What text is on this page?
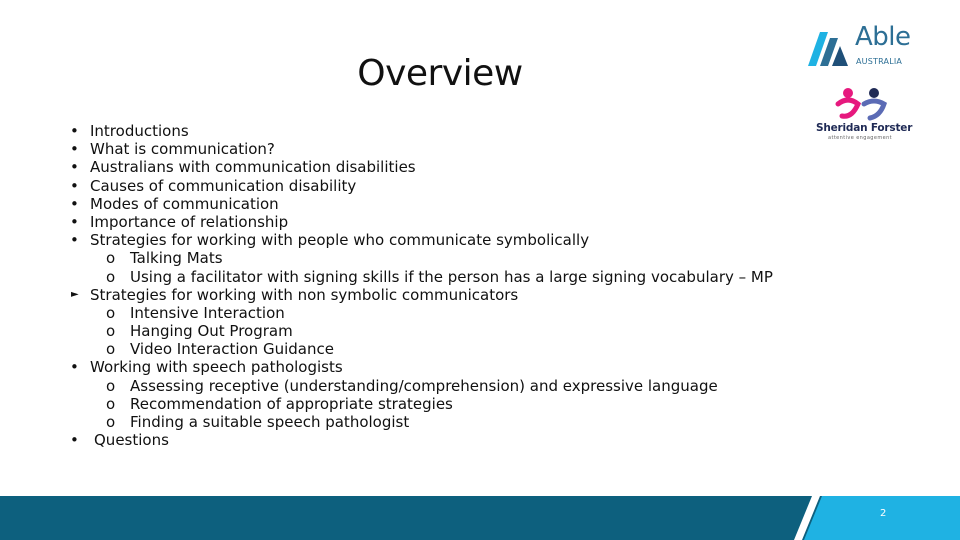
Overview
Able
AUSTRALIA
Sheridan Forster
attentive engagement
• Introductions
• What is communication?
• Australians with communication disabilities
• Causes of communication disability
• Modes of communication
• Importance of relationship
• Strategies for working with people who communicate symbolically
o Talking Mats
o Using a facilitator with signing skills if the person has a large signing vocabulary – MP
► Strategies for working with non symbolic communicators
o Intensive Interaction
o Hanging Out Program
o Video Interaction Guidance
• Working with speech pathologists
o Assessing receptive (understanding/comprehension) and expressive language
o Recommendation of appropriate strategies
o Finding a suitable speech pathologist
• Questions
2
